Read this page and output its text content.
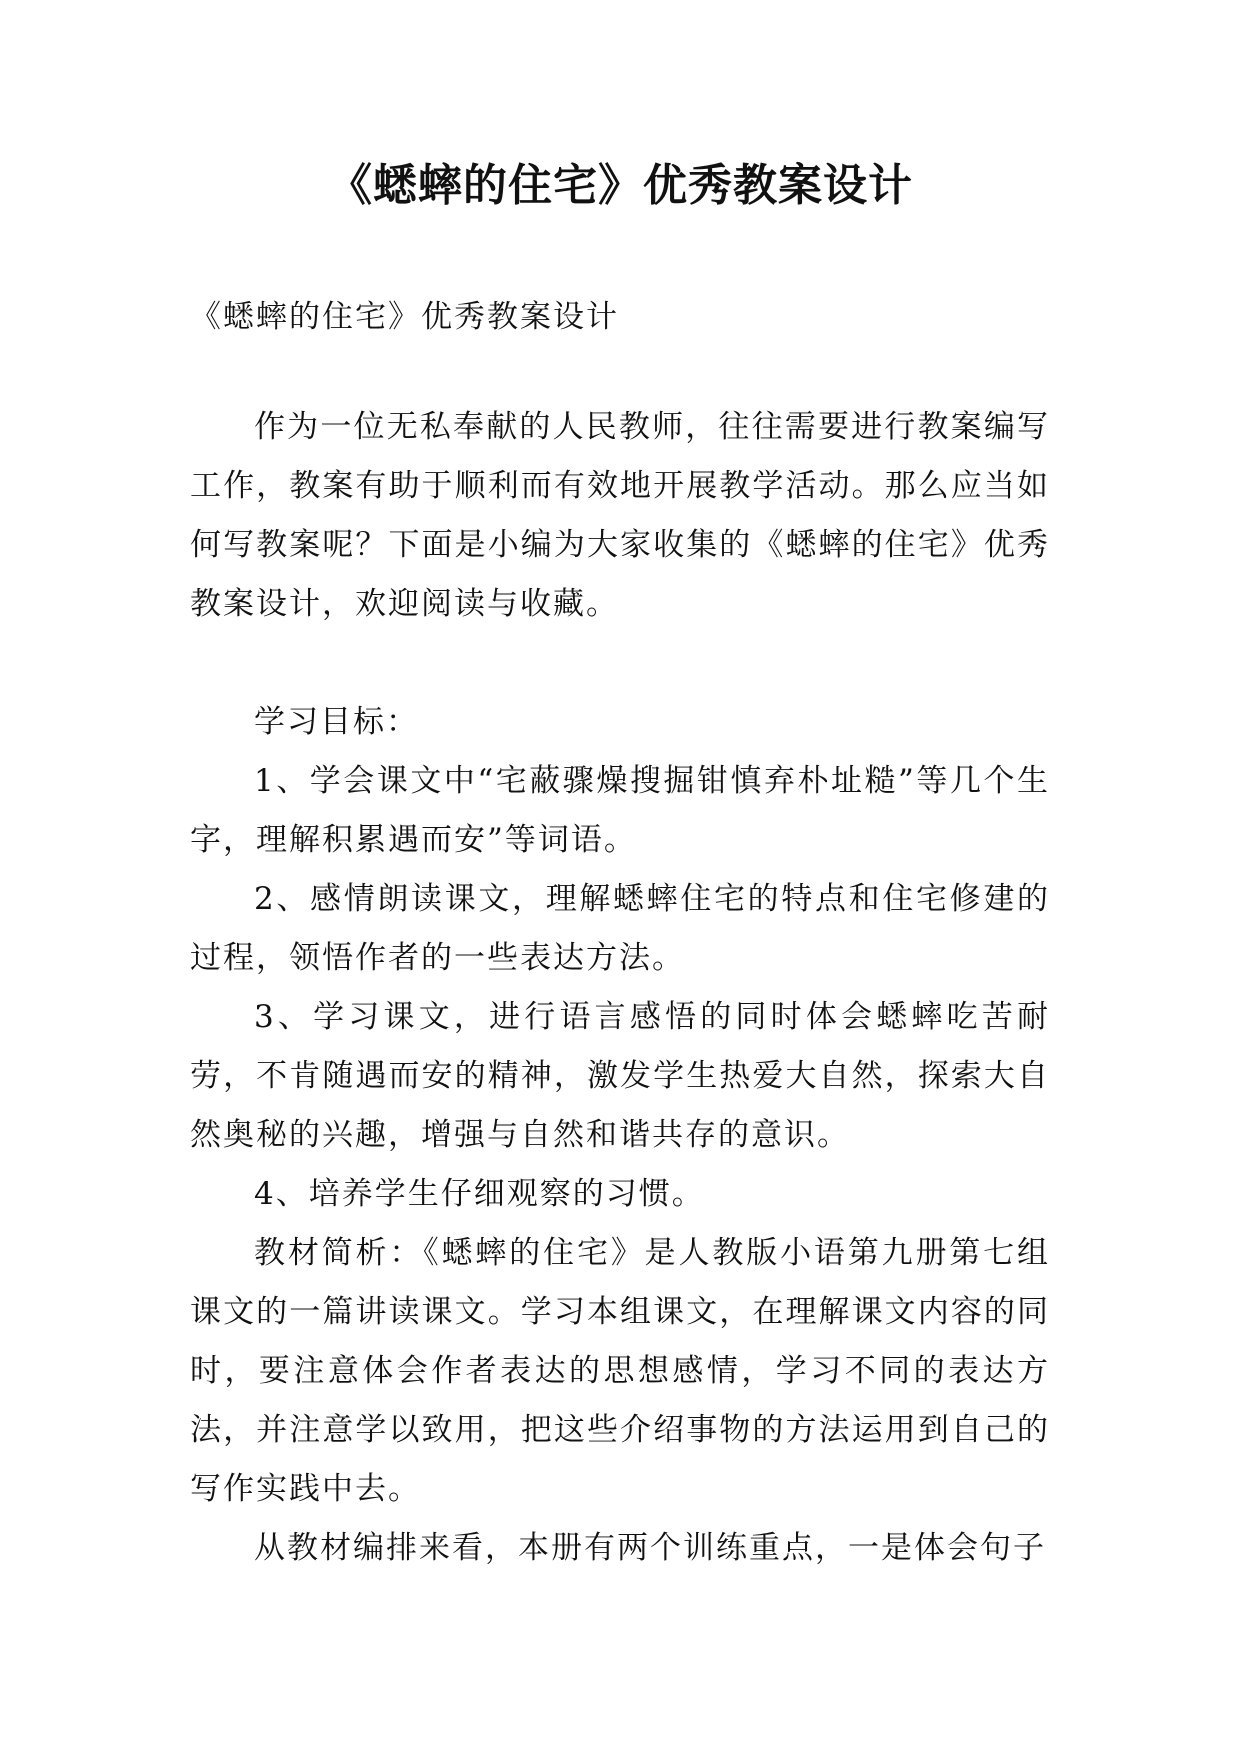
《蟋蟀的住宅》优秀教案设计
《蟋蟀的住宅》优秀教案设计

作为一位无私奉献的人民教师，往往需要进行教案编写工作，教案有助于顺利而有效地开展教学活动。那么应当如何写教案呢？下面是小编为大家收集的《蟋蟀的住宅》优秀教案设计，欢迎阅读与收藏。

学习目标：

1、学会课文中“宅蔽骤燥搜掘钳慎弃朴址糙”等几个生字，理解积累遇而安”等词语。

2、感情朗读课文，理解蟋蟀住宅的特点和住宅修建的过程，领悟作者的一些表达方法。

3、学习课文，进行语言感悟的同时体会蟋蟀吃苦耐劳，不肯随遇而安的精神，激发学生热爱大自然，探索大自然奥秘的兴趣，增强与自然和谐共存的意识。

4、培养学生仔细观察的习惯。

教材简析：《蟋蟀的住宅》是人教版小语第九册第七组课文的一篇讲读课文。学习本组课文，在理解课文内容的同时，要注意体会作者表达的思想感情，学习不同的表达方法，并注意学以致用，把这些介绍事物的方法运用到自己的写作实践中去。

从教材编排来看，本册有两个训练重点，一是体会句子
